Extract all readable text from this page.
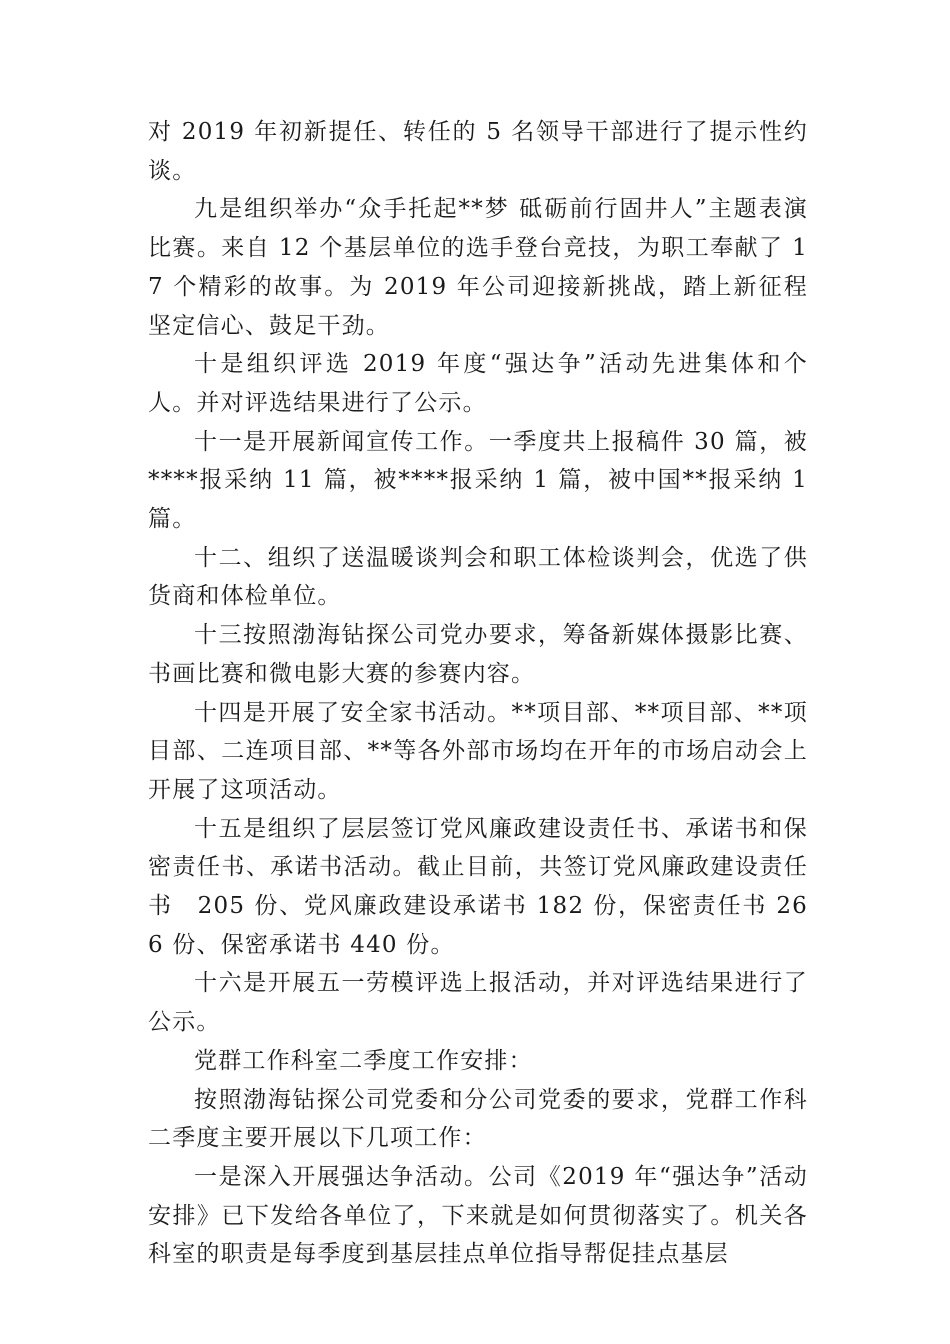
对 2019 年初新提任、转任的 5 名领导干部进行了提示性约谈。

九是组织举办“众手托起**梦 砥砺前行固井人”主题表演比赛。来自 12 个基层单位的选手登台竞技，为职工奉献了 17 个精彩的故事。为 2019 年公司迎接新挑战，踏上新征程坚定信心、鼓足干劲。

十是组织评选 2019 年度“强达争”活动先进集体和个人。并对评选结果进行了公示。

十一是开展新闻宣传工作。一季度共上报稿件 30 篇，被****报采纳 11 篇，被****报采纳 1 篇，被中国**报采纳 1 篇。

十二、组织了送温暖谈判会和职工体检谈判会，优选了供货商和体检单位。

十三按照渤海钻探公司党办要求，筹备新媒体摄影比赛、书画比赛和微电影大赛的参赛内容。

十四是开展了安全家书活动。**项目部、**项目部、**项目部、二连项目部、**等各外部市场均在开年的市场启动会上开展了这项活动。

十五是组织了层层签订党风廉政建设责任书、承诺书和保密责任书、承诺书活动。截止目前，共签订党风廉政建设责任书　205 份、党风廉政建设承诺书 182 份，保密责任书 266 份、保密承诺书 440 份。

十六是开展五一劳模评选上报活动，并对评选结果进行了公示。

党群工作科室二季度工作安排：

按照渤海钻探公司党委和分公司党委的要求，党群工作科二季度主要开展以下几项工作：

一是深入开展强达争活动。公司《2019 年“强达争”活动安排》已下发给各单位了，下来就是如何贯彻落实了。机关各科室的职责是每季度到基层挂点单位指导帮促挂点基层
